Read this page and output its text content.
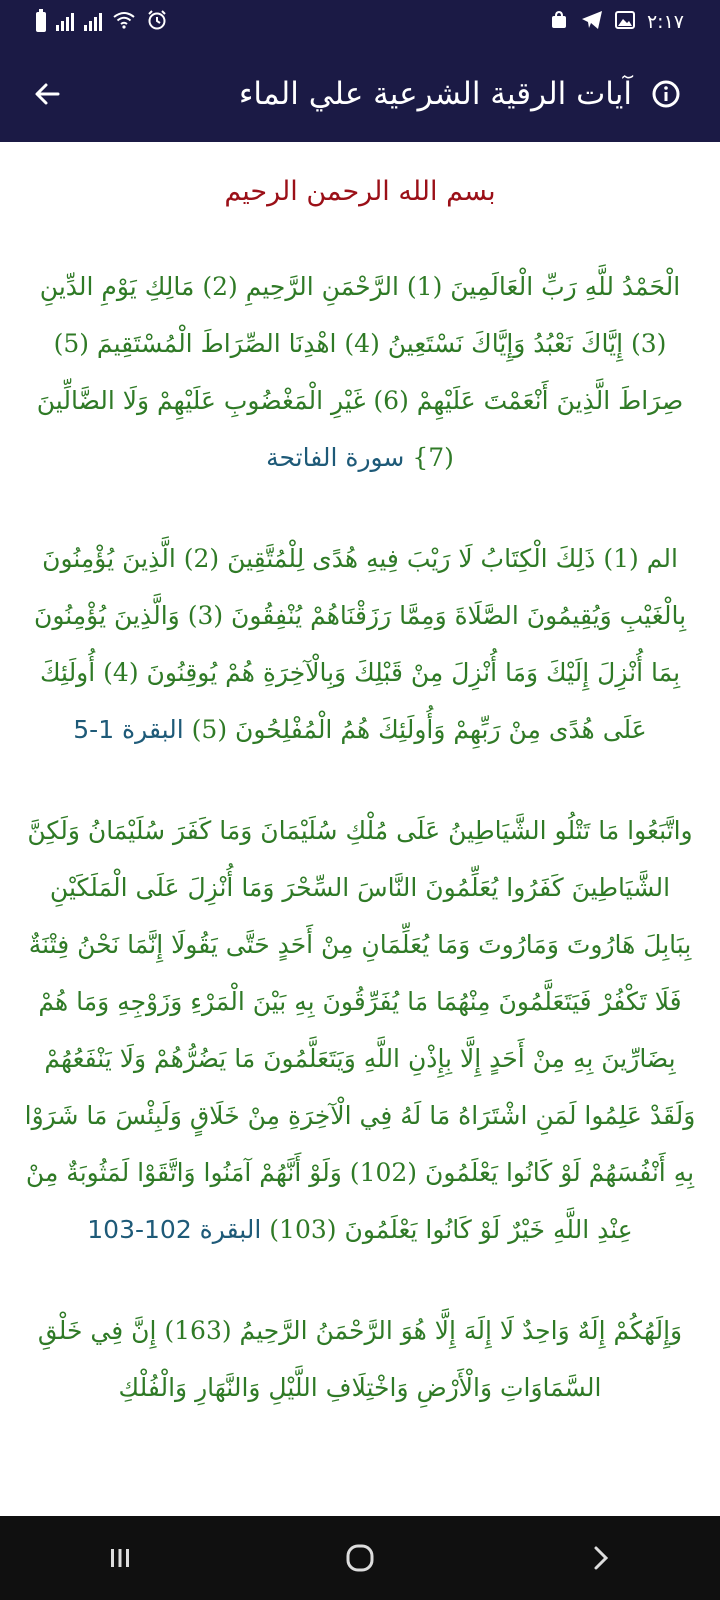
٢:١٧
آيات الرقية الشرعية علي الماء
بسم الله الرحمن الرحيم

الْحَمْدُ للَّهِ رَبِّ الْعَالَمِينَ (1) الرَّحْمَنِ الرَّحِيمِ (2) مَالِكِ يَوْمِ الدِّينِ (3) إِيَّاكَ نَعْبُدُ وَإِيَّاكَ نَسْتَعِينُ (4) اهْدِنَا الصِّرَاطَ الْمُسْتَقِيمَ (5) صِرَاطَ الَّذِينَ أَنْعَمْتَ عَلَيْهِمْ (6) غَيْرِ الْمَغْضُوبِ عَلَيْهِمْ وَلَا الضَّالِّينَ (7} سورة الفاتحة

الم (1) ذَلِكَ الْكِتَابُ لَا رَيْبَ فِيهِ هُدًى لِلْمُتَّقِينَ (2) الَّذِينَ يُؤْمِنُونَ بِالْغَيْبِ وَيُقِيمُونَ الصَّلَاةَ وَمِمَّا رَزَقْنَاهُمْ يُنْفِقُونَ (3) وَالَّذِينَ يُؤْمِنُونَ بِمَا أُنْزِلَ إِلَيْكَ وَمَا أُنْزِلَ مِنْ قَبْلِكَ وَبِالْآخِرَةِ هُمْ يُوقِنُونَ (4) أُولَئِكَ عَلَى هُدًى مِنْ رَبِّهِمْ وَأُولَئِكَ هُمُ الْمُفْلِحُونَ (5) البقرة 1-5

واتَّبَعُوا مَا تَتْلُو الشَّيَاطِينُ عَلَى مُلْكِ سُلَيْمَانَ وَمَا كَفَرَ سُلَيْمَانُ وَلَكِنَّ الشَّيَاطِينَ كَفَرُوا يُعَلِّمُونَ النَّاسَ السِّحْرَ وَمَا أُنْزِلَ عَلَى الْمَلَكَيْنِ بِبَابِلَ هَارُوتَ وَمَارُوتَ وَمَا يُعَلِّمَانِ مِنْ أَحَدٍ حَتَّى يَقُولَا إِنَّمَا نَحْنُ فِتْنَةٌ فَلَا تَكْفُرْ فَيَتَعَلَّمُونَ مِنْهُمَا مَا يُفَرِّقُونَ بِهِ بَيْنَ الْمَرْءِ وَزَوْجِهِ وَمَا هُمْ بِضَارِّينَ بِهِ مِنْ أَحَدٍ إِلَّا بِإِذْنِ اللَّهِ وَيَتَعَلَّمُونَ مَا يَضُرُّهُمْ وَلَا يَنْفَعُهُمْ وَلَقَدْ عَلِمُوا لَمَنِ اشْتَرَاهُ مَا لَهُ فِي الْآخِرَةِ مِنْ خَلَاقٍ وَلَبِئْسَ مَا شَرَوْا بِهِ أَنْفُسَهُمْ لَوْ كَانُوا يَعْلَمُونَ (102) وَلَوْ أَنَّهُمْ آمَنُوا وَاتَّقَوْا لَمَثُوبَةٌ مِنْ عِنْدِ اللَّهِ خَيْرٌ لَوْ كَانُوا يَعْلَمُونَ (103) البقرة 102-103

وَإِلَهُكُمْ إِلَهٌ وَاحِدٌ لَا إِلَهَ إِلَّا هُوَ الرَّحْمَنُ الرَّحِيمُ (163) إِنَّ فِي خَلْقِ السَّمَاوَاتِ وَالْأَرْضِ وَاخْتِلَافِ اللَّيْلِ وَالنَّهَارِ وَالْفُلْكِ
